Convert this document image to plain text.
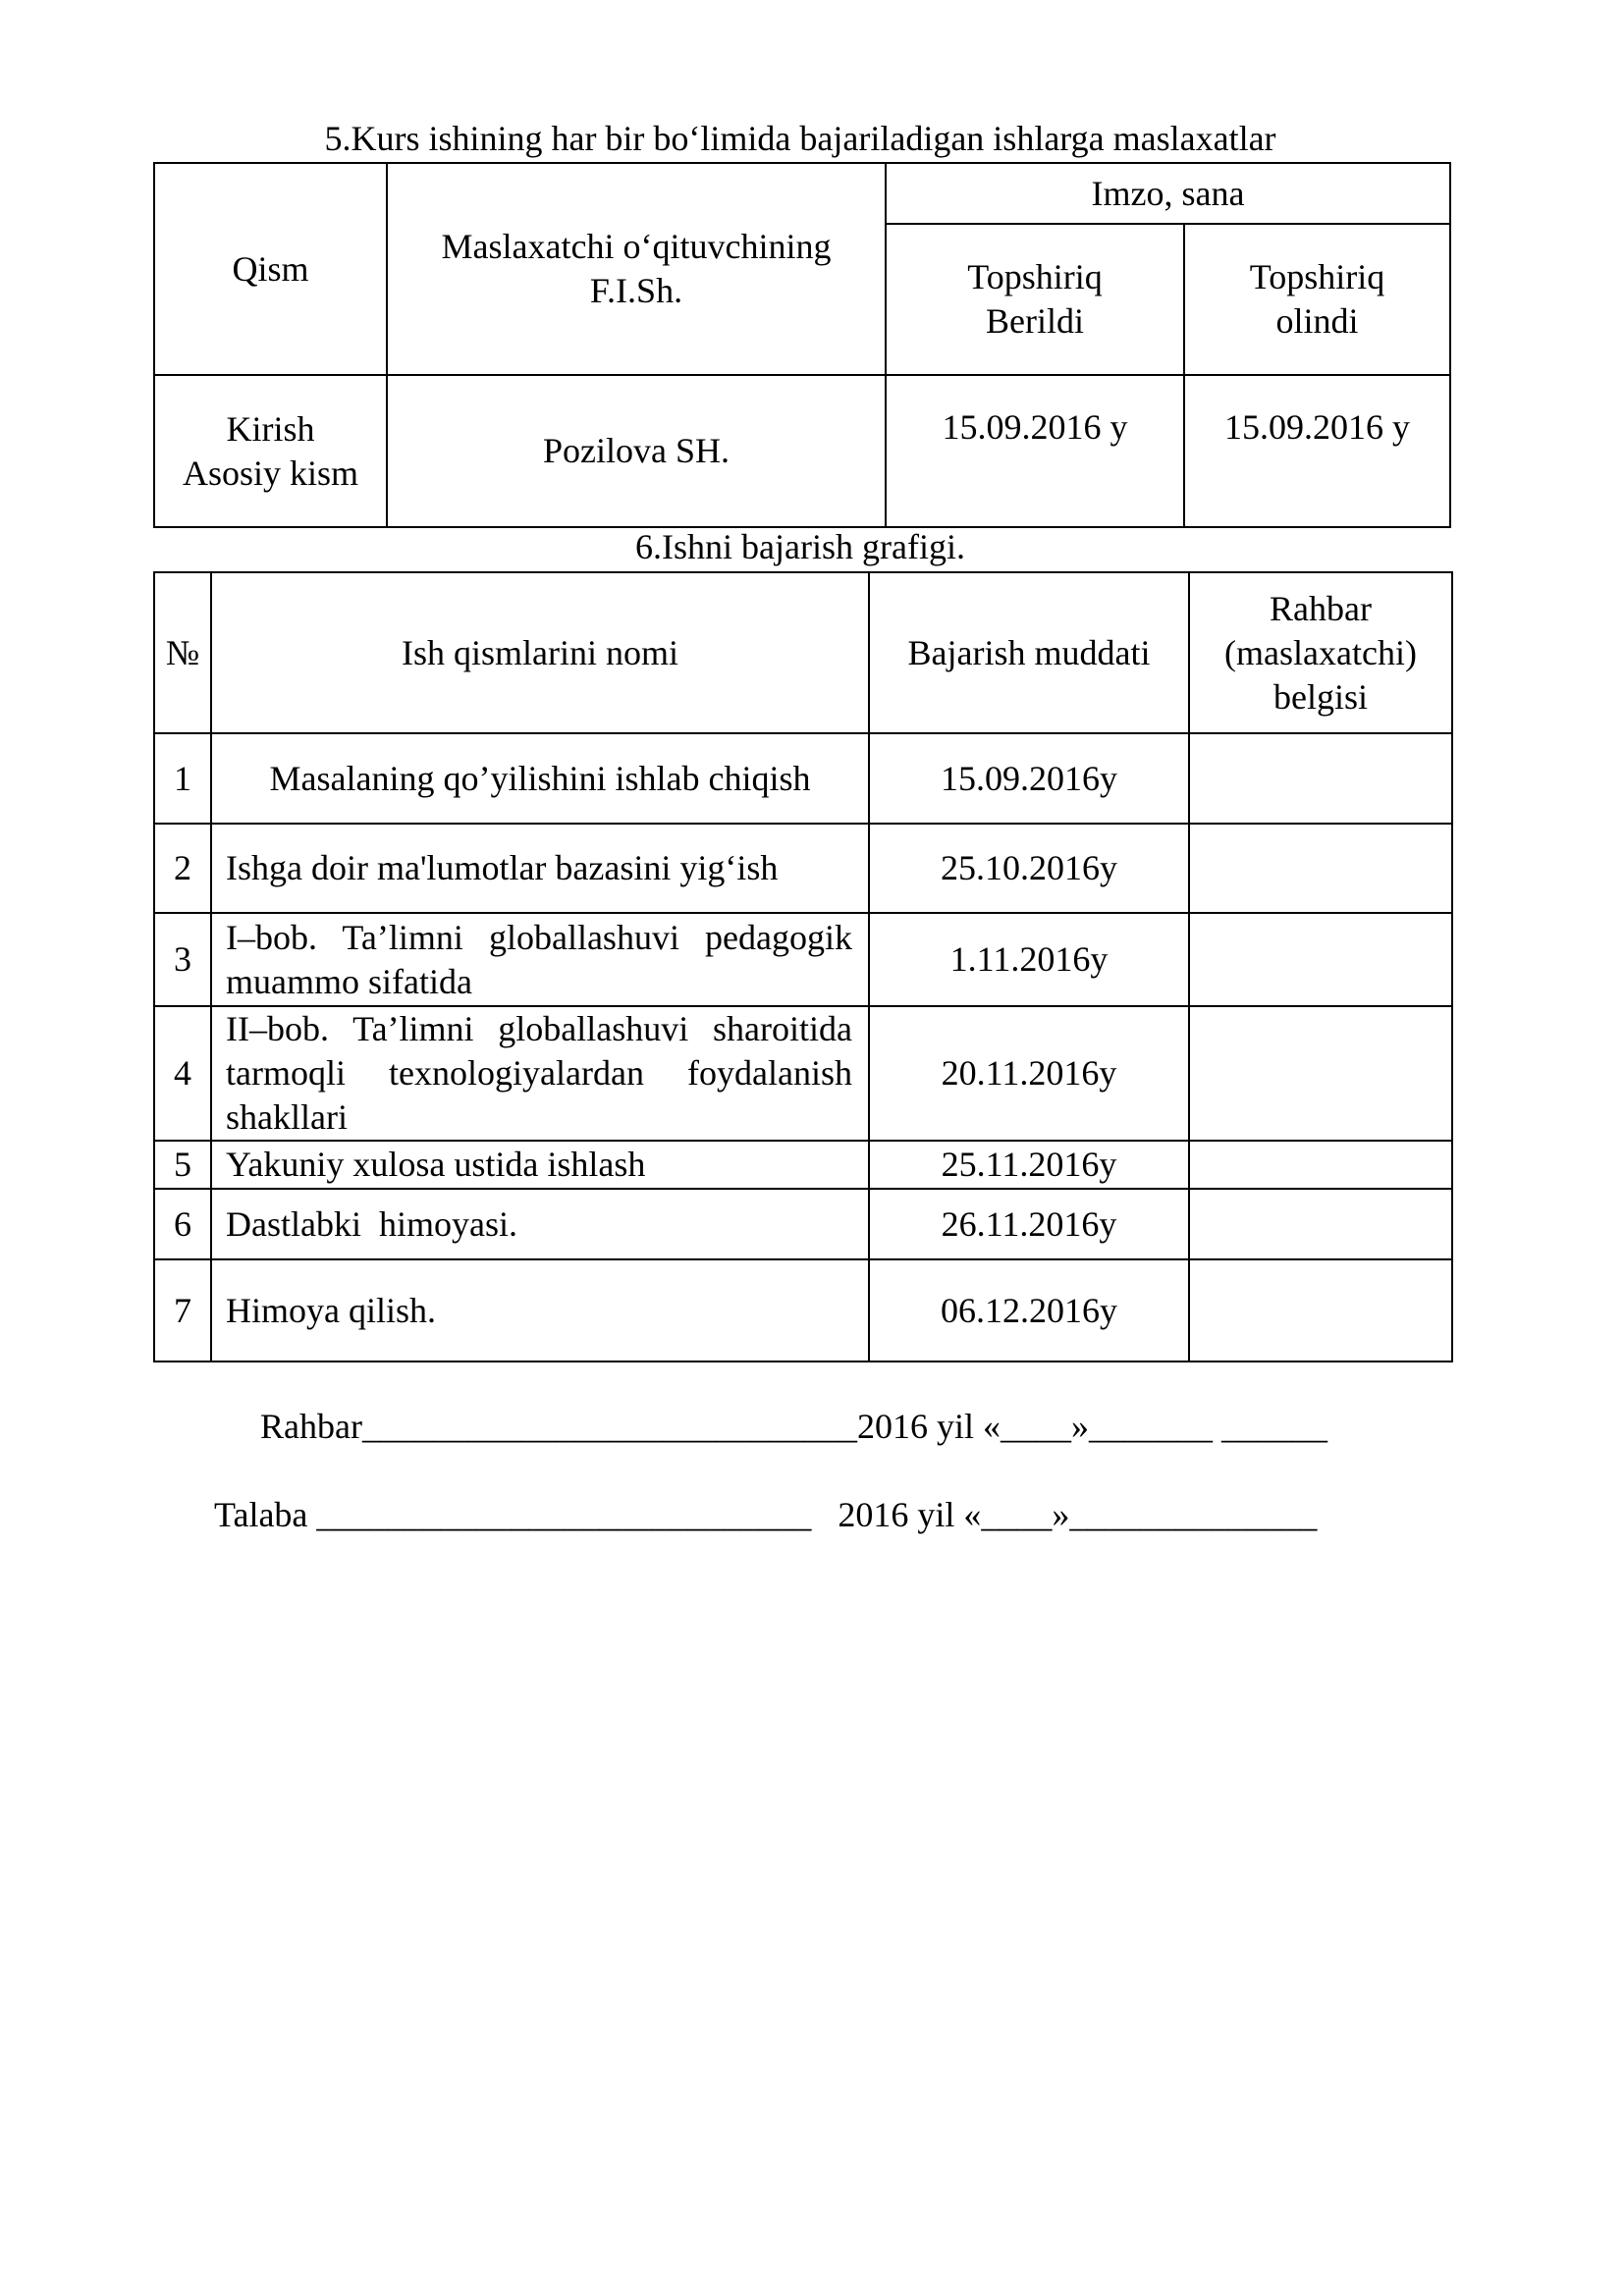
5.Kurs ishining har bir bo‘limida bajariladigan ishlarga maslaxatlar
Qism	Maslaxatchi o‘qituvchining F.I.Sh.	Imzo, sana	
		Topshiriq Berildi	Topshiriq olindi
Kirish Asosiy kism	Pozilova SH.	15.09.2016 y	15.09.2016 y
6.Ishni bajarish grafigi.
№	Ish qismlarini nomi	Bajarish muddati	Rahbar (maslaxatchi) belgisi
1	Masalaning qo’yilishini ishlab chiqish	15.09.2016y	
2	Ishga doir ma'lumotlar bazasini yig‘ish	25.10.2016y	
3	I–bob. Ta’limni globallashuvi pedagogik muammo sifatida	1.11.2016y	
4	II–bob. Ta’limni globallashuvi sharoitida tarmoqli texnologiyalardan foydalanish shakllari	20.11.2016y	
5	Yakuniy xulosa ustida ishlash	25.11.2016y	
6	Dastlabki  himoyasi.	26.11.2016y	
7	Himoya qilish.	06.12.2016y	
Rahbar____________________________2016 yil «____»_______ ______
Talaba ____________________________   2016 yil «____»______________
